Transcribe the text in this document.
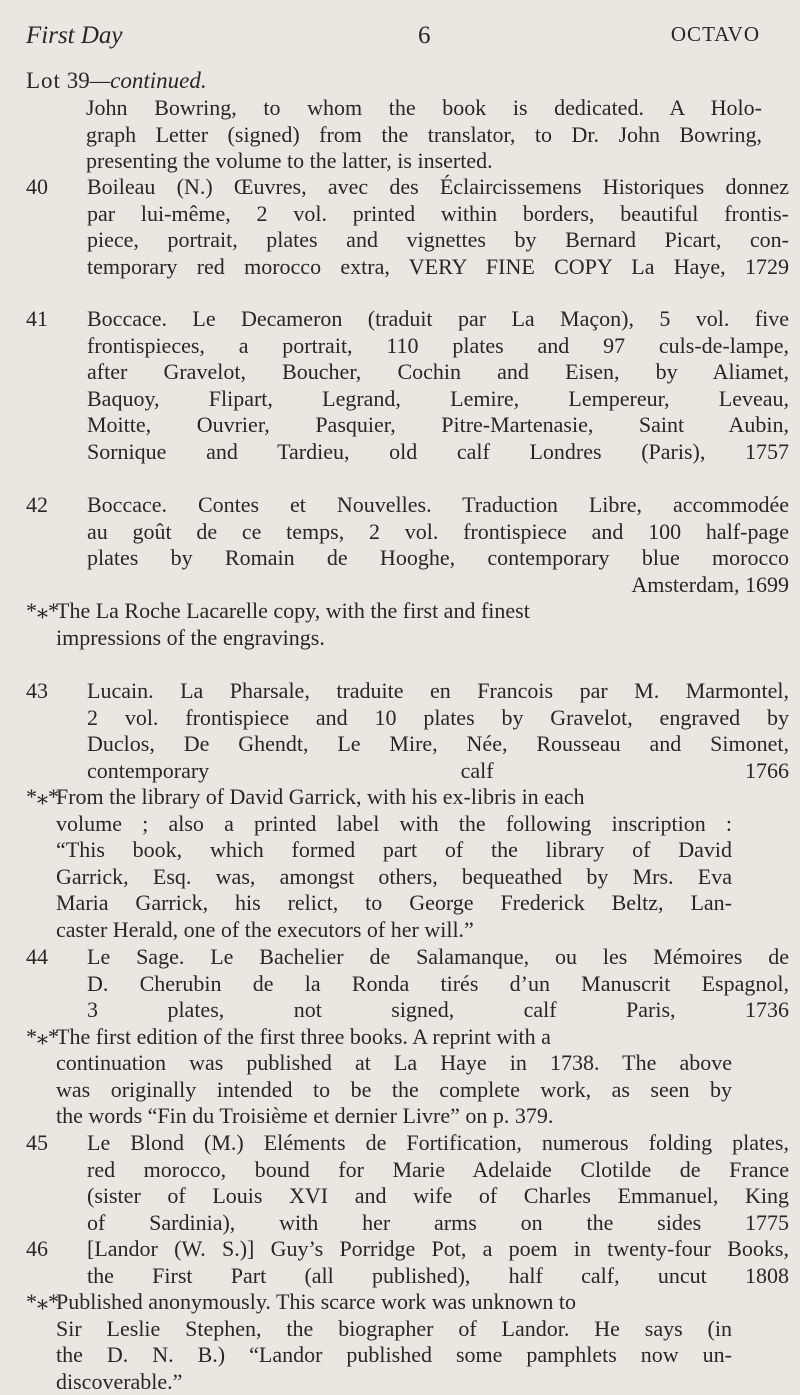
First Day	6	OCTAVO
Lot 39—continued.
John Bowring, to whom the book is dedicated. A Holo-
graph Letter (signed) from the translator, to Dr. John Bowring,
presenting the volume to the latter, is inserted.
40 Boileau (N.) Œuvres, avec des Éclaircissemens Historiques donnez
par lui-même, 2 vol. printed within borders, beautiful frontis-
piece, portrait, plates and vignettes by Bernard Picart, con-
temporary red morocco extra, VERY FINE COPY La Haye, 1729
41 Boccace. Le Decameron (traduit par La Maçon), 5 vol. five
frontispieces, a portrait, 110 plates and 97 culs-de-lampe,
after Gravelot, Boucher, Cochin and Eisen, by Aliamet,
Baquoy, Flipart, Legrand, Lemire, Lempereur, Leveau,
Moitte, Ouvrier, Pasquier, Pitre-Martenasie, Saint Aubin,
Sornique and Tardieu, old calf Londres (Paris), 1757
42 Boccace. Contes et Nouvelles. Traduction Libre, accommodée
au goût de ce temps, 2 vol. frontispiece and 100 half-page
plates by Romain de Hooghe, contemporary blue morocco
Amsterdam, 1699
*⁎*The La Roche Lacarelle copy, with the first and finest
impressions of the engravings.
43 Lucain. La Pharsale, traduite en Francois par M. Marmontel,
2 vol. frontispiece and 10 plates by Gravelot, engraved by
Duclos, De Ghendt, Le Mire, Née, Rousseau and Simonet,
contemporary calf 1766
*⁎*From the library of David Garrick, with his ex-libris in each
volume ; also a printed label with the following inscription :
“This book, which formed part of the library of David
Garrick, Esq. was, amongst others, bequeathed by Mrs. Eva
Maria Garrick, his relict, to George Frederick Beltz, Lan-
caster Herald, one of the executors of her will.”
44 Le Sage. Le Bachelier de Salamanque, ou les Mémoires de
D. Cherubin de la Ronda tirés d’un Manuscrit Espagnol,
3 plates, not signed, calf Paris, 1736
*⁎*The first edition of the first three books. A reprint with a
continuation was published at La Haye in 1738. The above
was originally intended to be the complete work, as seen by
the words “Fin du Troisième et dernier Livre” on p. 379.
45 Le Blond (M.) Eléments de Fortification, numerous folding plates,
red morocco, bound for Marie Adelaide Clotilde de France
(sister of Louis XVI and wife of Charles Emmanuel, King
of Sardinia), with her arms on the sides 1775
46 [Landor (W. S.)] Guy’s Porridge Pot, a poem in twenty-four Books,
the First Part (all published), half calf, uncut 1808
*⁎*Published anonymously. This scarce work was unknown to
Sir Leslie Stephen, the biographer of Landor. He says (in
the D. N. B.) “Landor published some pamphlets now un-
discoverable.”
